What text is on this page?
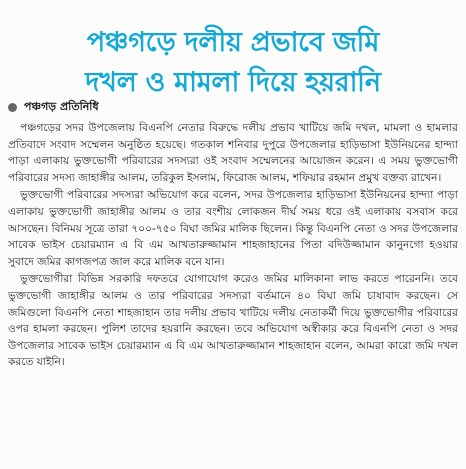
পঞ্চগড়ে দলীয় প্রভাবে জমি
দখল ও মামলা দিয়ে হয়রানি
পঞ্চগড় প্রতিনিধি

পঞ্চগড়ের সদর উপজেলায় বিএনপি নেতার বিরুদ্ধে দলীয় প্রভাব খাটিয়ে জমি দখল, মামলা ও হামলার প্রতিবাদে সংবাদ সম্মেলন অনুষ্ঠিত হয়েছে। গতকাল শনিবার দুপুরে উপজেলার হাড়িভাসা ইউনিয়নের হান্দ্যা পাড়া এলাকায় ভুক্তভোগী পরিবারের সদস্যরা ওই সংবাদ সম্মেলনের আয়োজন করেন। এ সময় ভুক্তভোগী পরিবারের সদস্য জাহাঙ্গীর আলম, তরিকুল ইসলাম, ফিরোজ আলম, শফিয়ার রহমান প্রমুখ বক্তব্য রাখেন।

ভুক্তভোগী পরিবারের সদস্যরা অভিযোগ করে বলেন, সদর উপজেলার হাড়িভাসা ইউনিয়নের হান্দ্যা পাড়া এলাকায় ভুক্তভোগী জাহাঙ্গীর আলম ও তার বংশীয় লোকজন দীর্ঘ সময় ধরে ওই এলাকায় বসবাস করে আসছেন। বিনিময় সূত্রে তারা ৭০০-৭৫০ বিঘা জমির মালিক ছিলেন। কিন্তু বিএনপি নেতা ও সদর উপজেলার সাবেক ভাইস চেয়ারম্যান এ বি এম আখতারুজ্জামান শাহজাহানের পিতা বদিউজ্জামান কানুনগো হওয়ার সুবাদে জমির কাগজপত্র জাল করে মালিক বনে যান।

ভুক্তভোগীরা বিভিন্ন সরকারি দফতরে যোগাযোগ করেও জমির মালিকানা লাভ করতে পারেননি। তবে ভুক্তভোগী জাহাঙ্গীর আলম ও তার পরিবারের সদস্যরা বর্তমানে ৪০ বিঘা জমি চাষাবাদ করছেন। সে জমিগুলো বিএনপি নেতা শাহজাহান তার দলীয় প্রভাব খাটিয়ে দলীয় নেতাকর্মী দিয়ে ভুক্তভোগীর পরিবারের ওপর হামলা করছেন। পুলিশ তাদের হয়রানি করছেন। তবে অভিযোগ অস্বীকার করে বিএনপি নেতা ও সদর উপজেলার সাবেক ভাইস চেয়ারম্যান এ বি এম আখতারুজ্জামান শাহজাহান বলেন, আমরা কারো জমি দখল করতে যাইনি।
